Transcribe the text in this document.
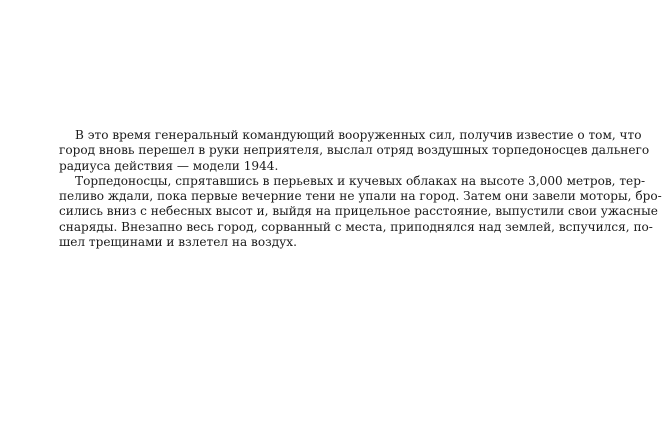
В это время генеральный командующий вооруженных сил, получив известие о том, что
город вновь перешел в руки неприятеля, выслал отряд воздушных торпедоносцев дальнего
радиуса действия — модели 1944.
Торпедоносцы, спрятавшись в перьевых и кучевых облаках на высоте 3,000 метров, тер-
пеливо ждали, пока первые вечерние тени не упали на город. Затем они завели моторы, бро-
сились вниз с небесных высот и, выйдя на прицельное расстояние, выпустили свои ужасные
снаряды. Внезапно весь город, сорванный с места, приподнялся над землей, вспучился, по-
шел трещинами и взлетел на воздух.
